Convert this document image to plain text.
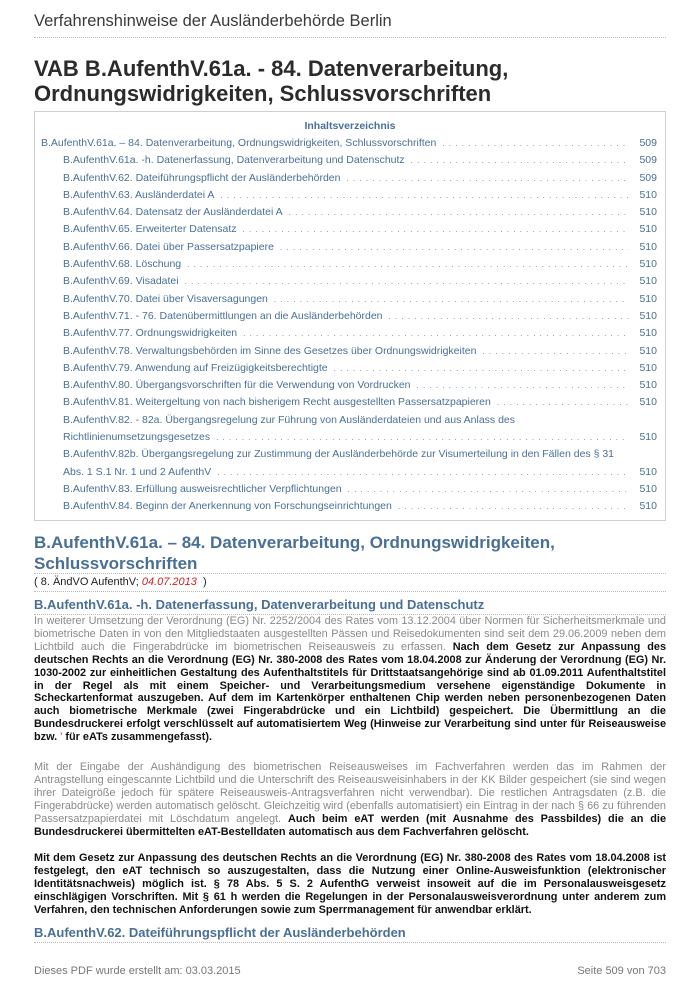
Verfahrenshinweise der Ausländerbehörde Berlin
VAB B.AufenthV.61a. - 84. Datenverarbeitung, Ordnungswidrigkeiten, Schlussvorschriften
Inhaltsverzeichnis
B.AufenthV.61a. – 84. Datenverarbeitung, Ordnungswidrigkeiten, Schlussvorschriften . . .	509
B.AufenthV.61a. -h. Datenerfassung, Datenverarbeitung und Datenschutz . . .	509
B.AufenthV.62. Dateiführungspflicht der Ausländerbehörden . . .	509
B.AufenthV.63. Ausländerdatei A . . .	510
B.AufenthV.64. Datensatz der Ausländerdatei A . . .	510
B.AufenthV.65. Erweiterter Datensatz . . .	510
B.AufenthV.66. Datei über Passersatzpapiere . . .	510
B.AufenthV.68. Löschung . . .	510
B.AufenthV.69. Visadatei . . .	510
B.AufenthV.70. Datei über Visaversagungen . . .	510
B.AufenthV.71. - 76. Datenübermittlungen an die Ausländerbehörden . . .	510
B.AufenthV.77. Ordnungswidrigkeiten . . .	510
B.AufenthV.78. Verwaltungsbehörden im Sinne des Gesetzes über Ordnungswidrigkeiten . . .	510
B.AufenthV.79. Anwendung auf Freizügigkeitsberechtigte . . .	510
B.AufenthV.80. Übergangsvorschriften für die Verwendung von Vordrucken . . .	510
B.AufenthV.81. Weitergeltung von nach bisherigem Recht ausgestellten Passersatzpapieren . . .	510
B.AufenthV.82. - 82a. Übergangsregelung zur Führung von Ausländerdateien und aus Anlass des
Richtlinienumsetzungsgesetzes . . .	510
B.AufenthV.82b. Übergangsregelung zur Zustimmung der Ausländerbehörde zur Visumerteilung in den Fällen des § 31
Abs. 1 S.1 Nr. 1 und 2 AufenthV . . .	510
B.AufenthV.83. Erfüllung ausweisrechtlicher Verpflichtungen . . .	510
B.AufenthV.84. Beginn der Anerkennung von Forschungseinrichtungen . . .	510
B.AufenthV.61a. – 84. Datenverarbeitung, Ordnungswidrigkeiten, Schlussvorschriften
( 8. ÄndVO AufenthV; 04.07.2013 )
B.AufenthV.61a. -h. Datenerfassung, Datenverarbeitung und Datenschutz

In weiterer Umsetzung der Verordnung (EG) Nr. 2252/2004 des Rates vom 13.12.2004 über Normen für Sicherheitsmerkmale und biometrische Daten in von den Mitgliedstaaten ausgestellten Pässen und Reisedokumenten sind seit dem 29.06.2009 neben dem Lichtbild auch die Fingerabdrücke im biometrischen Reiseausweis zu erfassen. Nach dem Gesetz zur Anpassung des deutschen Rechts an die Verordnung (EG) Nr. 380-2008 des Rates vom 18.04.2008 zur Änderung der Verordnung (EG) Nr. 1030-2002 zur einheitlichen Gestaltung des Aufenthaltstitels für Drittstaatsangehörige sind ab 01.09.2011 Aufenthaltstitel in der Regel als mit einem Speicher- und Verarbeitungsmedium versehene eigenständige Dokumente in Scheckartenformat auszugeben. Auf dem im Kartenkörper enthaltenen Chip werden neben personenbezogenen Daten auch biometrische Merkmale (zwei Fingerabdrücke und ein Lichtbild) gespeichert. Die Übermittlung an die Bundesdruckerei erfolgt verschlüsselt auf automatisiertem Weg (Hinweise zur Verarbeitung sind unter für Reiseausweise bzw. ' für eATs zusammengefasst).

Mit der Eingabe der Aushändigung des biometrischen Reiseausweises im Fachverfahren werden das im Rahmen der Antragstellung eingescannte Lichtbild und die Unterschrift des Reiseausweisinhabers in der KK Bilder gespeichert (sie sind wegen ihrer Dateigröße jedoch für spätere Reiseausweis-Antragsverfahren nicht verwendbar). Die restlichen Antragsdaten (z.B. die Fingerabdrücke) werden automatisch gelöscht. Gleichzeitig wird (ebenfalls automatisiert) ein Eintrag in der nach § 66 zu führenden Passersatzpapierdatei mit Löschdatum angelegt. Auch beim eAT werden (mit Ausnahme des Passbildes) die an die Bundesdruckerei übermittelten eAT-Bestelldaten automatisch aus dem Fachverfahren gelöscht.

Mit dem Gesetz zur Anpassung des deutschen Rechts an die Verordnung (EG) Nr. 380-2008 des Rates vom 18.04.2008 ist festgelegt, den eAT technisch so auszugestalten, dass die Nutzung einer Online-Ausweisfunktion (elektronischer Identitätsnachweis) möglich ist. § 78 Abs. 5 S. 2 AufenthG verweist insoweit auf die im Personalausweisgesetz einschlägigen Vorschriften. Mit § 61 h werden die Regelungen in der Personalausweisverordnung unter anderem zum Verfahren, den technischen Anforderungen sowie zum Sperrmanagement für anwendbar erklärt.

B.AufenthV.62. Dateiführungspflicht der Ausländerbehörden
Dieses PDF wurde erstellt am: 03.03.2015	Seite 509 von 703
